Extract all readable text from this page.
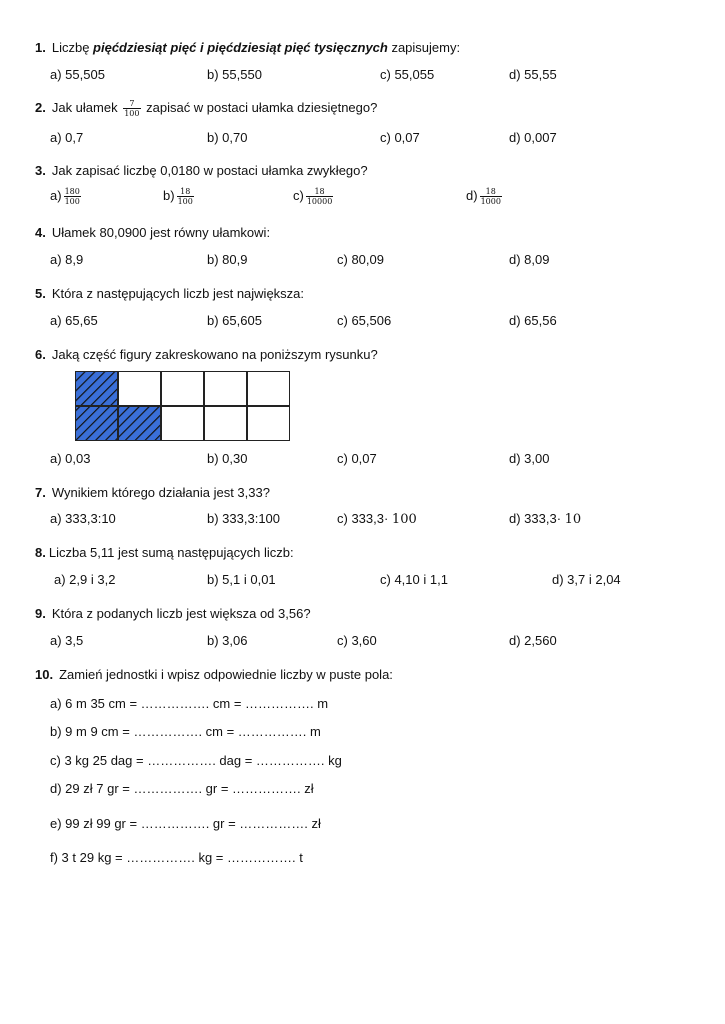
1. Liczbę pięćdziesiąt pięć i pięćdziesiąt pięć tysięcznych zapisujemy:
a) 55,505	b) 55,550	c) 55,055	d) 55,55
2. Jak ułamek $\frac{7}{100}$ zapisać w postaci ułamka dziesiętnego?
a) 0,7	b) 0,70	c) 0,07	d) 0,007
3. Jak zapisać liczbę 0,0180 w postaci ułamka zwykłego?
$a) \frac{180}{100}$	$b) \frac{18}{100}$	$c) \frac{18}{10000}$	$d) \frac{18}{1000}$
4. Ułamek 80,0900 jest równy ułamkowi:
a) 8,9	b) 80,9	c) 80,09	d) 8,09
5. Która z następujących liczb jest największa:
a) 65,65	b) 65,605	c) 65,506	d) 65,56
6. Jaką część figury zakreskowano na poniższym rysunku?
a) 0,03	b) 0,30	c) 0,07	d) 3,00
7. Wynikiem którego działania jest 3,33?
a) 333,3:10	b) 333,3:100	c) 333,3· 100	d) 333,3· 10
8. Liczba 5,11 jest sumą następujących liczb:
a) 2,9 i 3,2	b) 5,1 i 0,01	c) 4,10 i 1,1	d) 3,7 i 2,04
9. Która z podanych liczb jest większa od 3,56?
a) 3,5	b) 3,06	c) 3,60	d) 2,560
10. Zamień jednostki i wpisz odpowiednie liczby w puste pola:
a) 6 m 35 cm = ……………. cm = ……………. m
b) 9 m 9 cm = ……………. cm = ……………. m
c) 3 kg 25 dag = ……………. dag = ……………. kg
d) 29 zł 7 gr = ……………. gr = ……………. zł
e) 99 zł 99 gr = ……………. gr = ……………. zł
f) 3 t 29 kg = ……………. kg = ……………. t
